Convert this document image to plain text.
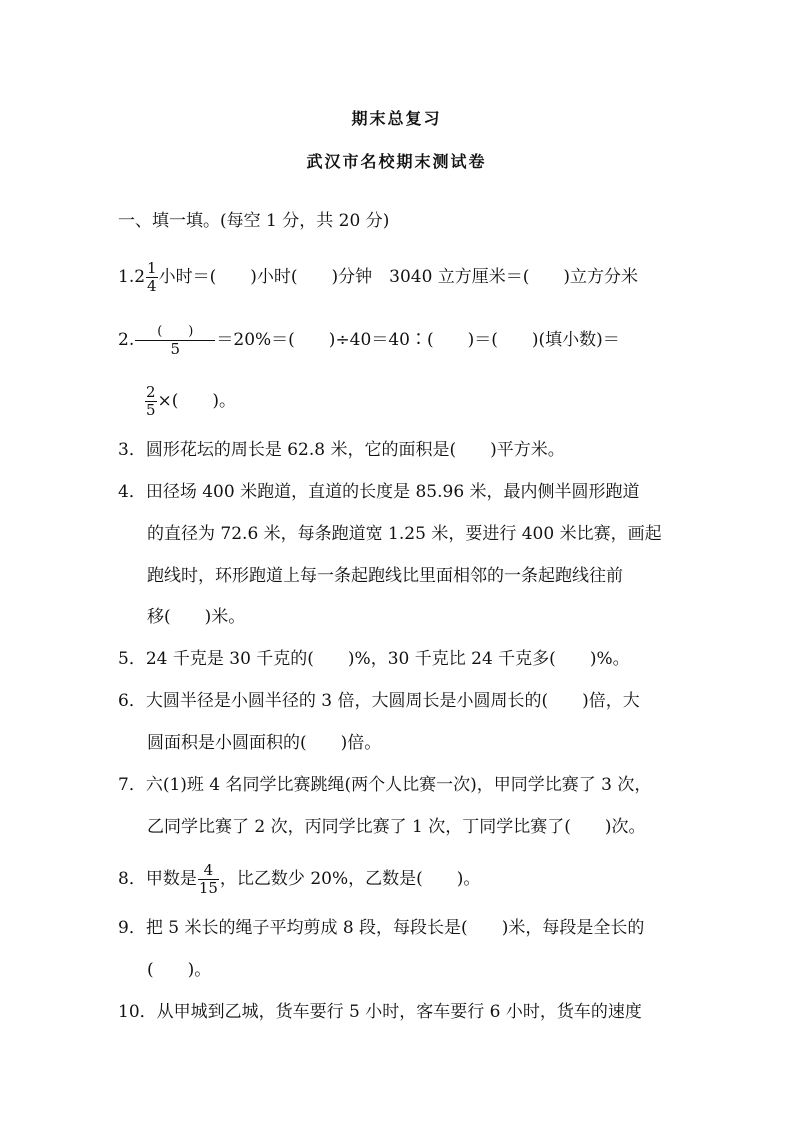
期末总复习
武汉市名校期末测试卷
一、填一填。(每空 1 分，共 20 分)
$1.2 \frac{1}{4}$ 小时＝(　　)小时(　　)分钟　3040 立方厘米＝(　　)立方分米
2. $\frac{( )}{5} =20\%=$(　　)÷40＝40∶(　　)＝(　　)(填小数)＝
$\frac{2}{5}$ ×(　　)。
3．圆形花坛的周长是 62.8 米，它的面积是(　　)平方米。
4．田径场 400 米跑道，直道的长度是 85.96 米，最内侧半圆形跑道
的直径为 72.6 米，每条跑道宽 1.25 米，要进行 400 米比赛，画起
跑线时，环形跑道上每一条起跑线比里面相邻的一条起跑线往前
移(　　)米。
5．24 千克是 30 千克的(　　)%，30 千克比 24 千克多(　　)%。
6．大圆半径是小圆半径的 3 倍，大圆周长是小圆周长的(　　)倍，大
圆面积是小圆面积的(　　)倍。
7．六(1)班 4 名同学比赛跳绳(两个人比赛一次)，甲同学比赛了 3 次，
乙同学比赛了 2 次，丙同学比赛了 1 次，丁同学比赛了(　　)次。
8．甲数是 $\frac{4}{15}$ ，比乙数少 20%，乙数是(　　)。
9．把 5 米长的绳子平均剪成 8 段，每段长是(　　)米，每段是全长的
(　　)。
10．从甲城到乙城，货车要行 5 小时，客车要行 6 小时，货车的速度
